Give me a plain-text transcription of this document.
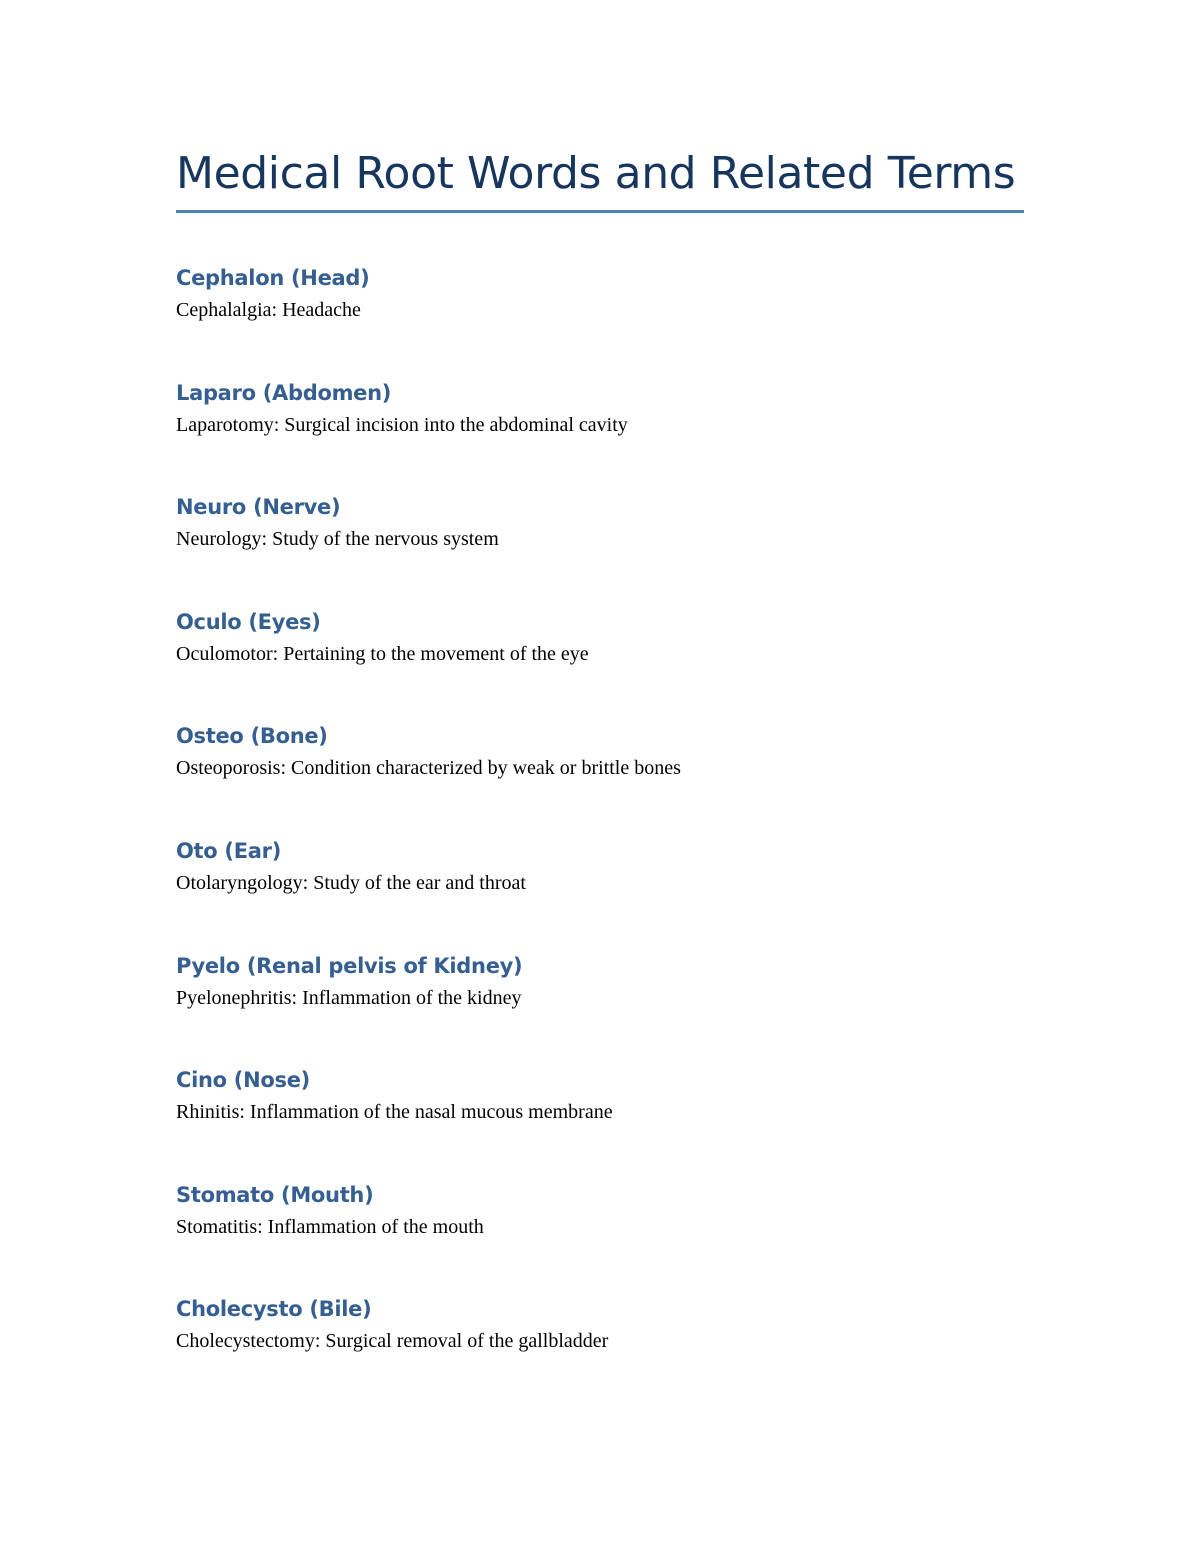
Medical Root Words and Related Terms
Cephalon (Head)

Cephalalgia: Headache

Laparo (Abdomen)

Laparotomy: Surgical incision into the abdominal cavity

Neuro (Nerve)

Neurology: Study of the nervous system

Oculo (Eyes)

Oculomotor: Pertaining to the movement of the eye

Osteo (Bone)

Osteoporosis: Condition characterized by weak or brittle bones

Oto (Ear)

Otolaryngology: Study of the ear and throat

Pyelo (Renal pelvis of Kidney)

Pyelonephritis: Inflammation of the kidney

Cino (Nose)

Rhinitis: Inflammation of the nasal mucous membrane

Stomato (Mouth)

Stomatitis: Inflammation of the mouth

Cholecysto (Bile)

Cholecystectomy: Surgical removal of the gallbladder
